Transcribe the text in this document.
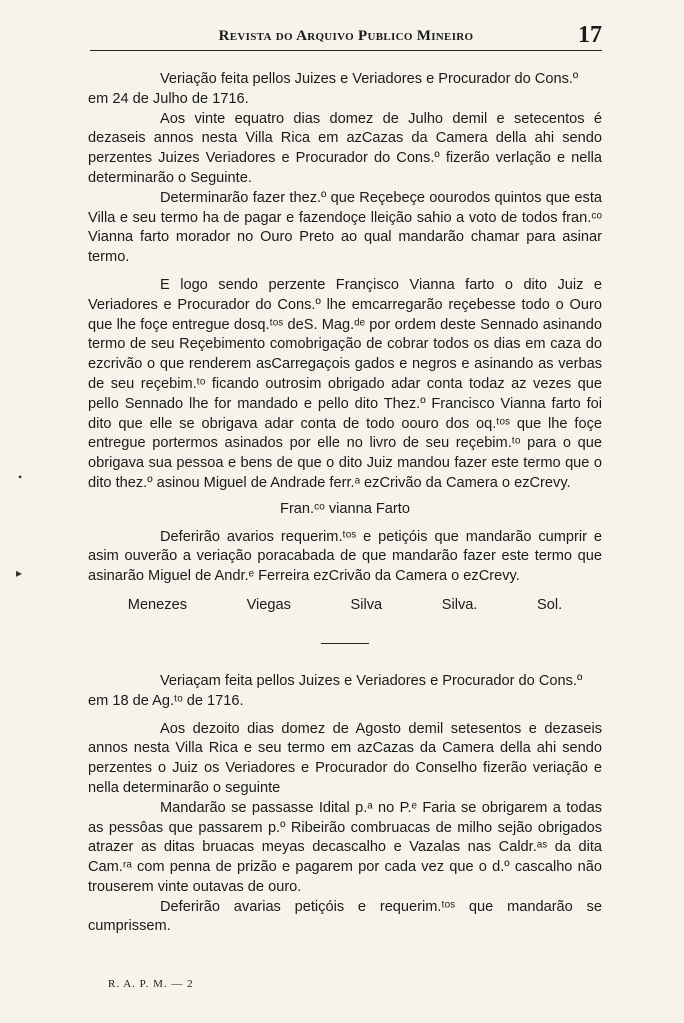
Revista do Arquivo Publico Mineiro	17

Veriação feita pellos Juizes e Veriadores e Procurador do Cons.º

em 24 de Julho de 1716.

Aos vinte equatro dias domez de Julho demil e setecentos é dezaseis annos nesta Villa Rica em azCazas da Camera della ahi sendo perzentes Juizes Veriadores e Procurador do Cons.º fizerão verlação e nella determinarão o Seguinte.

Determinarão fazer thez.º que Reçebeçe oourodos quintos que esta Villa e seu termo ha de pagar e fazendoçe lleição sahio a voto de todos fran.ᶜᵒ Vianna farto morador no Ouro Preto ao qual mandarão chamar para asinar termo.

E logo sendo perzente Françisco Vianna farto o dito Juiz e Veriadores e Procurador do Cons.º lhe emcarregarão reçebesse todo o Ouro que lhe foçe entregue dosq.ᵗᵒˢ deS. Mag.ᵈᵉ por ordem deste Sennado asinando termo de seu Reçebimento comobrigação de cobrar todos os dias em caza do ezcrivão o que renderem asCarregaçois gados e negros e asinando as verbas de seu reçebim.ᵗᵒ ficando outrosim obrigado adar conta todaz az vezes que pello Sennado lhe for mandado e pello dito Thez.º Francisco Vianna farto foi dito que elle se obrigava adar conta de todo oouro dos oq.ᵗᵒˢ que lhe foçe entregue portermos asinados por elle no livro de seu reçebim.ᵗᵒ para o que obrigava sua pessoa e bens de que o dito Juiz mandou fazer este termo que o dito thez.º asinou Miguel de Andrade ferr.ᵃ ezCrivão da Camera o ezCrevy.

Fran.ᶜᵒ vianna Farto

Deferirão avarios requerim.ᵗᵒˢ e petiçóis que mandarão cumprir e asim ouverão a veriação poracabada de que mandarão fazer este termo que asinarão Miguel de Andr.ᵉ Ferreira ezCrivão da Camera o ezCrevy.

Menezes	Viegas	Silva	Silva.	Sol.

Veriaçam feita pellos Juizes e Veriadores e Procurador do Cons.º

em 18 de Ag.ᵗᵒ de 1716.

Aos dezoito dias domez de Agosto demil setesentos e dezaseis annos nesta Villa Rica e seu termo em azCazas da Camera della ahi sendo perzentes o Juiz os Veriadores e Procurador do Conselho fizerão veriação e nella determinarão o seguinte

Mandarão se passasse Idital p.ᵃ no P.ᵉ Faria se obrigarem a todas as pessôas que passarem p.º Ribeirão combruacas de milho sejão obrigados atrazer as ditas bruacas meyas decascalho e Vazalas nas Caldr.ᵃˢ da dita Cam.ʳᵃ com penna de prizão e pagarem por cada vez que o d.º cascalho não trouserem vinte outavas de ouro.

Deferirão avarias petiçóis e requerim.ᵗᵒˢ que mandarão se cumprissem.

R. A. P. M. — 2
•
▸
